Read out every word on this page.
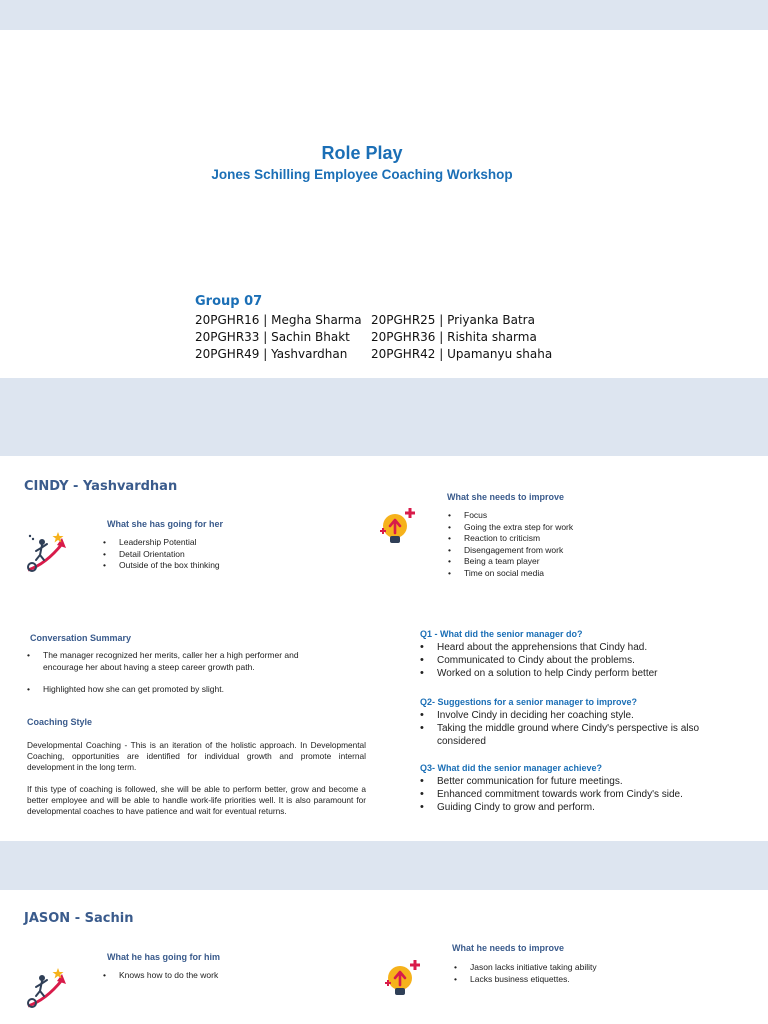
Role Play
Jones Schilling Employee Coaching Workshop
Group 07
20PGHR16 | Megha Sharma 20PGHR25 | Priyanka Batra
20PGHR33 | Sachin Bhakt	20PGHR36 | Rishita sharma
20PGHR49 | Yashvardhan	20PGHR42 | Upamanyu shaha
CINDY - Yashvardhan
What she has going for her
• Leadership Potential
• Detail Orientation
• Outside of the box thinking
What she needs to improve
• Focus
• Going the extra step for work
• Reaction to criticism
• Disengagement from work
• Being a team player
• Time on social media
Conversation Summary
• The manager recognized her merits, caller her a high performer and encourage her about having a steep career growth path.
• Highlighted how she can get promoted by slight.
Coaching Style
Developmental Coaching - This is an iteration of the holistic approach. In Developmental Coaching, opportunities are identified for individual growth and promote internal development in the long term.
If this type of coaching is followed, she will be able to perform better, grow and become a better employee and will be able to handle work-life priorities well. It is also paramount for developmental coaches to have patience and wait for eventual returns.
Q1 - What did the senior manager do?
• Heard about the apprehensions that Cindy had.
• Communicated to Cindy about the problems.
• Worked on a solution to help Cindy perform better
Q2- Suggestions for a senior manager to improve?
• Involve Cindy in deciding her coaching style.
• Taking the middle ground where Cindy's perspective is also considered
Q3- What did the senior manager achieve?
• Better communication for future meetings.
• Enhanced commitment towards work from Cindy's side.
• Guiding Cindy to grow and perform.
JASON - Sachin
What he has going for him
• Knows how to do the work
What he needs to improve
• Jason lacks initiative taking ability
• Lacks business etiquettes.
